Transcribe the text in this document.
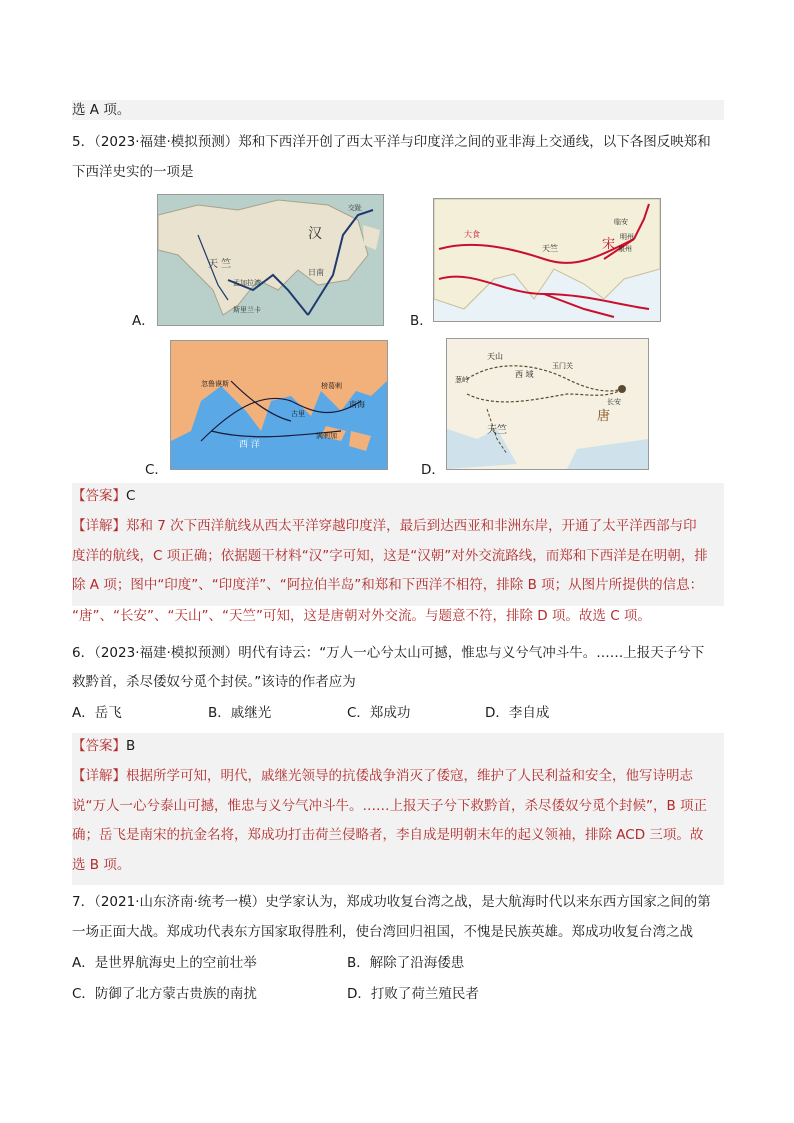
选 A 项。
5．（2023·福建·模拟预测）郑和下西洋开创了西太平洋与印度洋之间的亚非海上交通线，以下各图反映郑和
下西洋史实的一项是
A．
汉
天 竺
日南
孟加拉湾
斯里兰卡
交趾
B．
宋
临安
明州
泉州
大食
天竺
C．
西 洋
南海
古里
榜葛剌
满剌加
忽鲁谟斯
D．
天山
长安
唐
天竺
葱岭
西 域
玉门关
【答案】C
【详解】郑和 7 次下西洋航线从西太平洋穿越印度洋，最后到达西亚和非洲东岸，开通了太平洋西部与印
度洋的航线，C 项正确；依据题干材料“汉”字可知，这是“汉朝”对外交流路线，而郑和下西洋是在明朝，排
除 A 项；图中“印度”、“印度洋”、“阿拉伯半岛”和郑和下西洋不相符，排除 B 项；从图片所提供的信息：
“唐”、“长安”、“天山”、“天竺”可知，这是唐朝对外交流。与题意不符，排除 D 项。故选 C 项。
6．（2023·福建·模拟预测）明代有诗云：“万人一心兮太山可撼，惟忠与义兮气冲斗牛。……上报天子兮下
救黔首，杀尽倭奴兮觅个封侯。”该诗的作者应为
A．岳飞	B．戚继光	C．郑成功	D．李自成
【答案】B
【详解】根据所学可知，明代，戚继光领导的抗倭战争消灭了倭寇，维护了人民利益和安全，他写诗明志
说“万人一心兮泰山可撼，惟忠与义兮气冲斗牛。……上报天子兮下救黔首，杀尽倭奴兮觅个封候”，B 项正
确；岳飞是南宋的抗金名将，郑成功打击荷兰侵略者，李自成是明朝末年的起义领袖，排除 ACD 三项。故
选 B 项。
7．（2021·山东济南·统考一模）史学家认为，郑成功收复台湾之战，是大航海时代以来东西方国家之间的第
一场正面大战。郑成功代表东方国家取得胜利，使台湾回归祖国，不愧是民族英雄。郑成功收复台湾之战
A．是世界航海史上的空前壮举	B．解除了沿海倭患
C．防御了北方蒙古贵族的南扰	D．打败了荷兰殖民者
